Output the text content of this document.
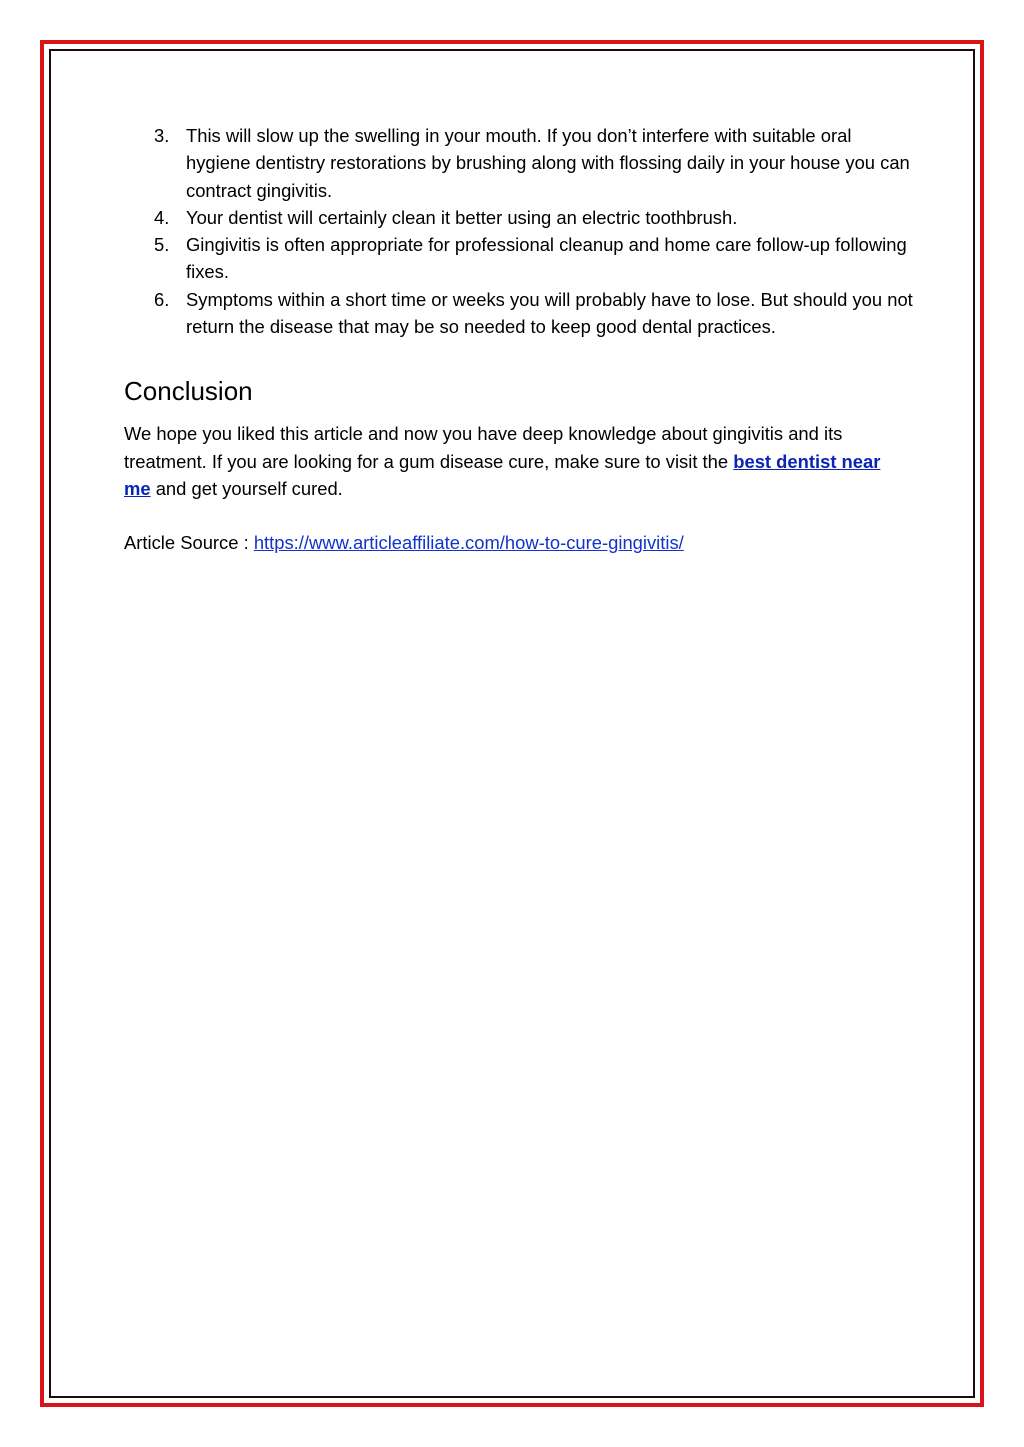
3. This will slow up the swelling in your mouth. If you don’t interfere with suitable oral hygiene dentistry restorations by brushing along with flossing daily in your house you can contract gingivitis.
4. Your dentist will certainly clean it better using an electric toothbrush.
5. Gingivitis is often appropriate for professional cleanup and home care follow-up following fixes.
6. Symptoms within a short time or weeks you will probably have to lose. But should you not return the disease that may be so needed to keep good dental practices.
Conclusion

We hope you liked this article and now you have deep knowledge about gingivitis and its treatment. If you are looking for a gum disease cure, make sure to visit the best dentist near me and get yourself cured.

Article Source : https://www.articleaffiliate.com/how-to-cure-gingivitis/
